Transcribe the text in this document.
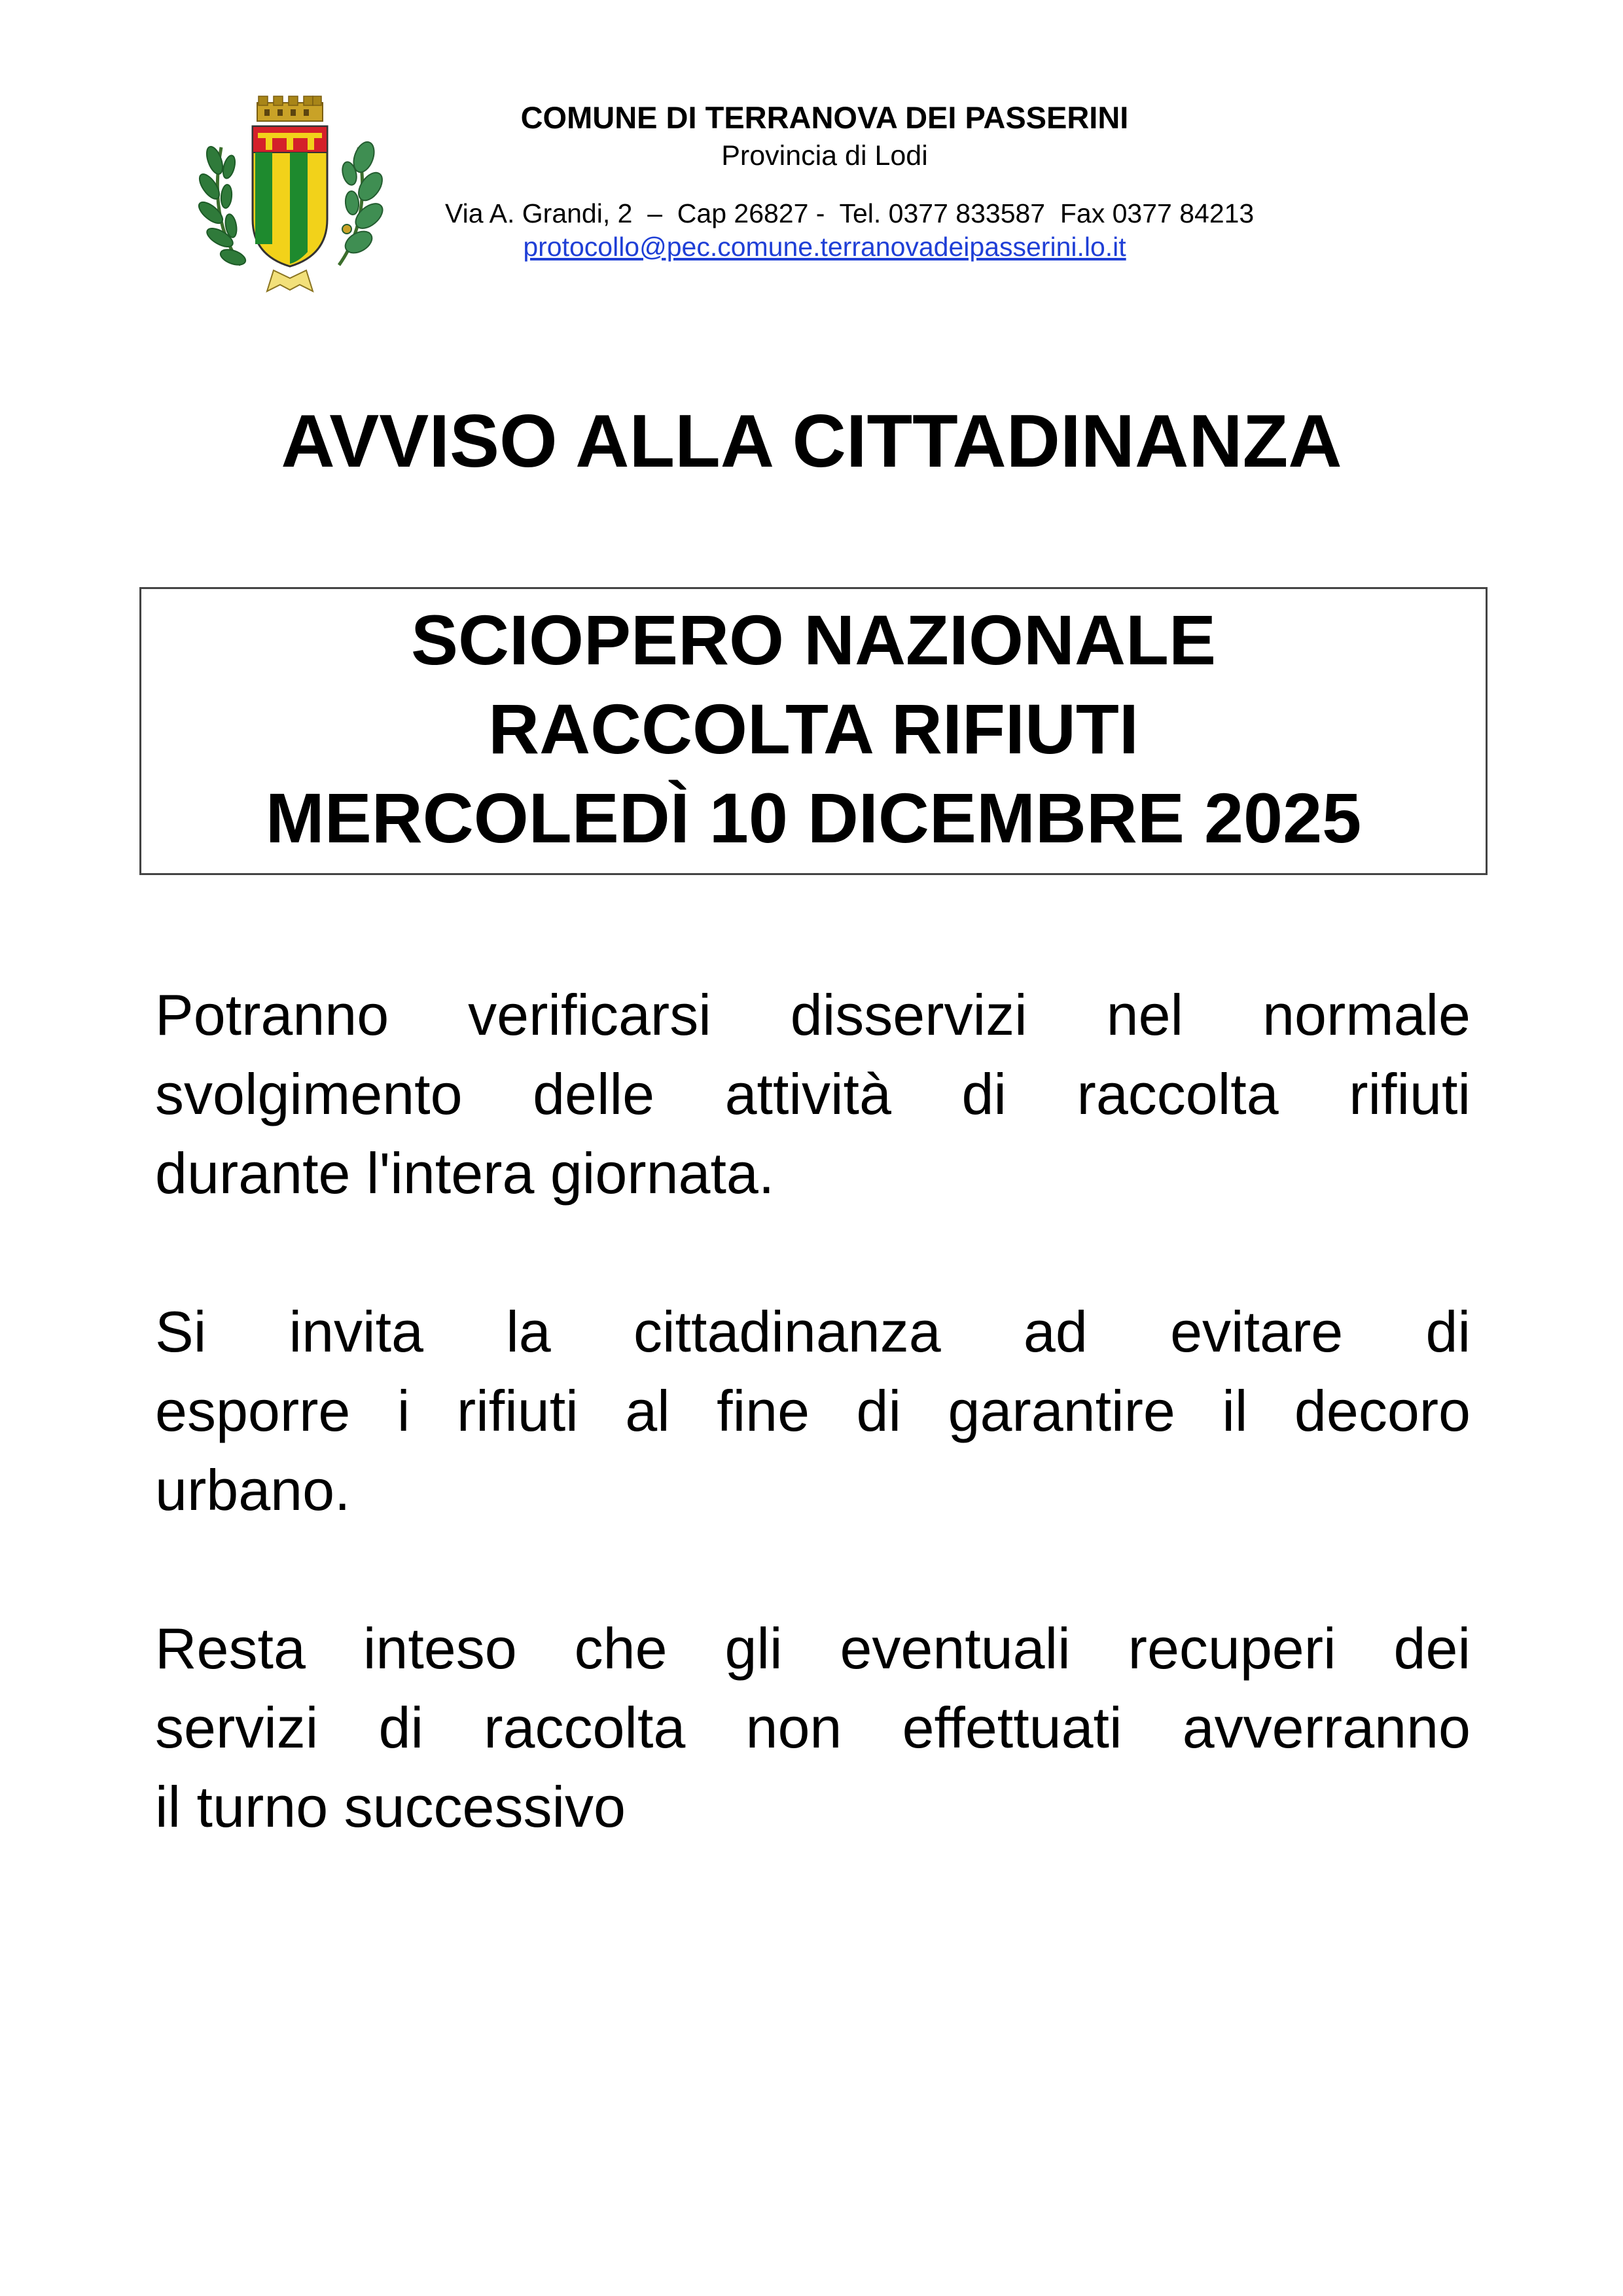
COMUNE DI TERRANOVA DEI PASSERINI
Provincia di Lodi
Via A. Grandi, 2  –  Cap 26827 -  Tel. 0377 833587  Fax 0377 84213
protocollo@pec.comune.terranovadeipasserini.lo.it
AVVISO ALLA CITTADINANZA
SCIOPERO NAZIONALE
RACCOLTA RIFIUTI
MERCOLEDÌ 10 DICEMBRE 2025

Potranno verificarsi disservizi nel normale
svolgimento delle attività di raccolta rifiuti
durante l'intera giornata.

Si invita la cittadinanza ad evitare di
esporre i rifiuti al fine di garantire il decoro
urbano.

Resta inteso che gli eventuali recuperi dei
servizi di raccolta non effettuati avverranno
il turno successivo
